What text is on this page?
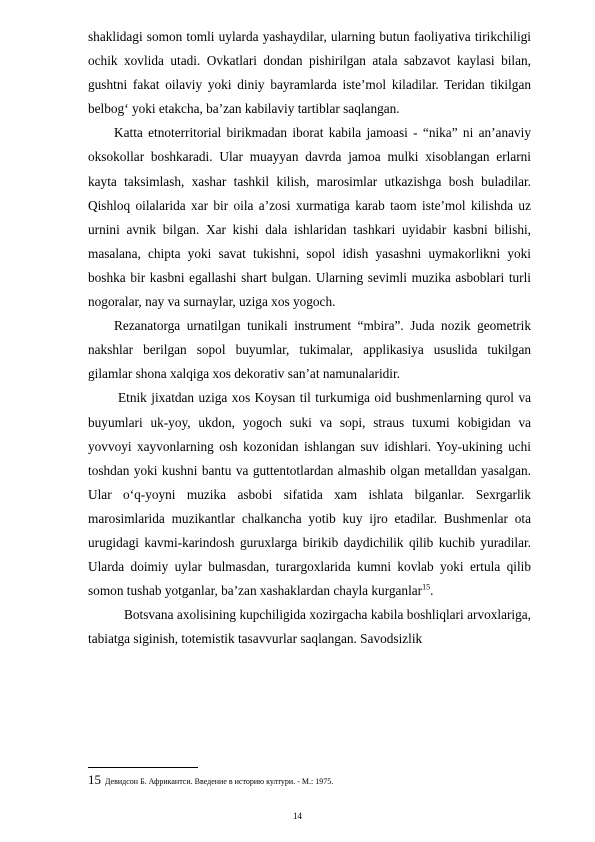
shaklidagi somon tomli uylarda yashaydilar, ularning butun faoliyativa tirikchiligi ochik xovlida utadi. Ovkatlari dondan pishirilgan atala sabzavot kaylasi bilan, gushtni fakat oilaviy yoki diniy bayramlarda iste’mol kiladilar. Teridan tikilgan belbog‘ yoki etakcha, ba’zan kabilaviy tartiblar saqlangan.

Katta etnoterritorial birikmadan iborat kabila jamoasi - “nika” ni an’anaviy oksokollar boshkaradi. Ular muayyan davrda jamoa mulki xisoblangan erlarni kayta taksimlash, xashar tashkil kilish, marosimlar utkazishga bosh buladilar. Qishloq oilalarida xar bir oila a’zosi xurmatiga karab taom iste’mol kilishda uz urnini avnik bilgan. Xar kishi dala ishlaridan tashkari uyidabir kasbni bilishi, masalana, chipta yoki savat tukishni, sopol idish yasashni uymakorlikni yoki boshka bir kasbni egallashi shart bulgan. Ularning sevimli muzika asboblari turli nogoralar, nay va surnaylar, uziga xos yogoch.

Rezanatorga urnatilgan tunikali instrument “mbira”. Juda nozik geometrik nakshlar berilgan sopol buyumlar, tukimalar, applikasiya ususlida tukilgan gilamlar shona xalqiga xos dekorativ san’at namunalaridir.

Etnik jixatdan uziga xos Koysan til turkumiga oid bushmenlarning qurol va buyumlari uk-yoy, ukdon, yogoch suki va sopi, straus tuxumi kobigidan va yovvoyi xayvonlarning osh kozonidan ishlangan suv idishlari. Yoy-ukining uchi toshdan yoki kushni bantu va guttentotlardan almashib olgan metalldan yasalgan. Ular o‘q-yoyni muzika asbobi sifatida xam ishlata bilganlar. Sexrgarlik marosimlarida muzikantlar chalkancha yotib kuy ijro etadilar. Bushmenlar ota urugidagi kavmi-karindosh guruxlarga birikib daydichilik qilib kuchib yuradilar. Ularda doimiy uylar bulmasdan, turargoxlarida kumni kovlab yoki ertula qilib somon tushab yotganlar, ba’zan xashaklardan chayla kurganlar$^{15}$.

Botsvana axolisining kupchiligida xozirgacha kabila boshliqlari arvoxlariga, tabiatga siginish, totemistik tasavvurlar saqlangan. Savodsizlik

15 Девидсон Б. Африкантси. Введение в историю култури. - M.: 1975.
14
